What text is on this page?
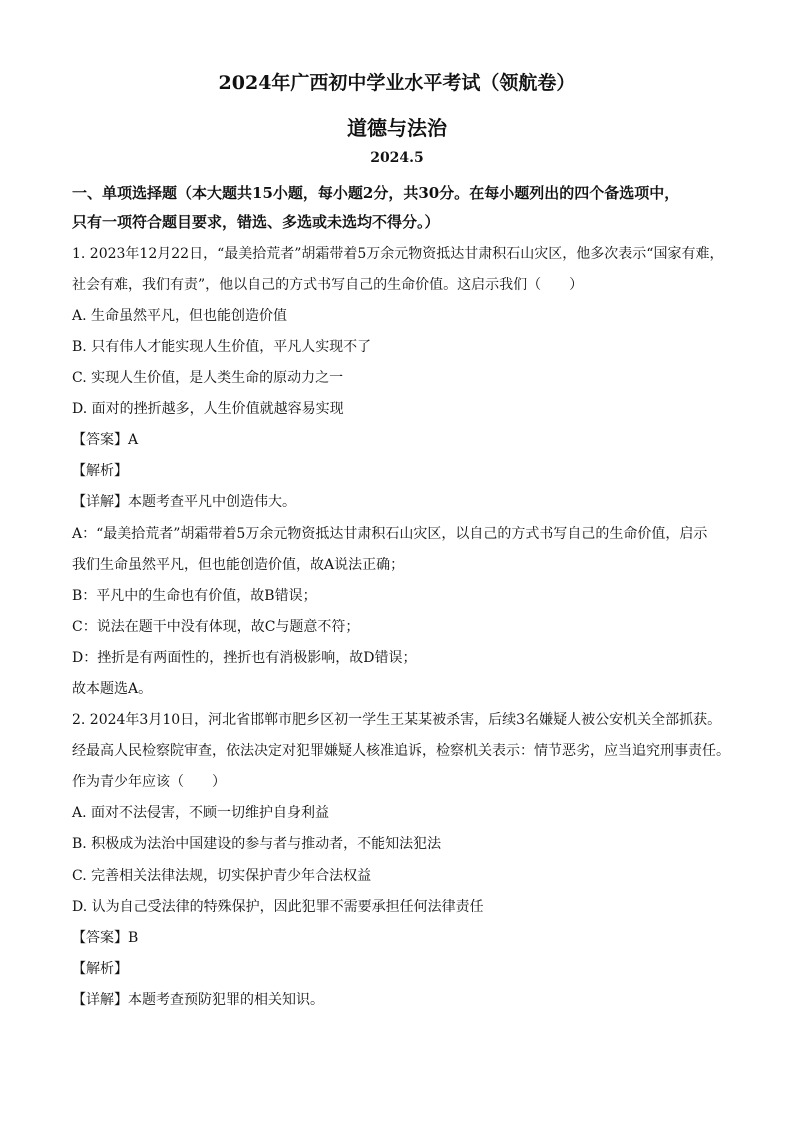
2024年广西初中学业水平考试（领航卷）
道德与法治
2024.5
一、单项选择题（本大题共15小题，每小题2分，共30分。在每小题列出的四个备选项中，
只有一项符合题目要求，错选、多选或未选均不得分。）
1. 2023年12月22日，“最美拾荒者”胡霜带着5万余元物资抵达甘肃积石山灾区，他多次表示“国家有难，
社会有难，我们有责”，他以自己的方式书写自己的生命价值。这启示我们（　　）
A. 生命虽然平凡，但也能创造价值
B. 只有伟人才能实现人生价值，平凡人实现不了
C. 实现人生价值，是人类生命的原动力之一
D. 面对的挫折越多，人生价值就越容易实现
【答案】A
【解析】
【详解】本题考查平凡中创造伟大。
A：“最美拾荒者”胡霜带着5万余元物资抵达甘肃积石山灾区，以自己的方式书写自己的生命价值，启示
我们生命虽然平凡，但也能创造价值，故A说法正确；
B：平凡中的生命也有价值，故B错误；
C：说法在题干中没有体现，故C与题意不符；
D：挫折是有两面性的，挫折也有消极影响，故D错误；
故本题选A。
2. 2024年3月10日，河北省邯郸市肥乡区初一学生王某某被杀害，后续3名嫌疑人被公安机关全部抓获。
经最高人民检察院审查，依法决定对犯罪嫌疑人核准追诉，检察机关表示：情节恶劣，应当追究刑事责任。
作为青少年应该（　　）
A. 面对不法侵害，不顾一切维护自身利益
B. 积极成为法治中国建设的参与者与推动者，不能知法犯法
C. 完善相关法律法规，切实保护青少年合法权益
D. 认为自己受法律的特殊保护，因此犯罪不需要承担任何法律责任
【答案】B
【解析】
【详解】本题考查预防犯罪的相关知识。
